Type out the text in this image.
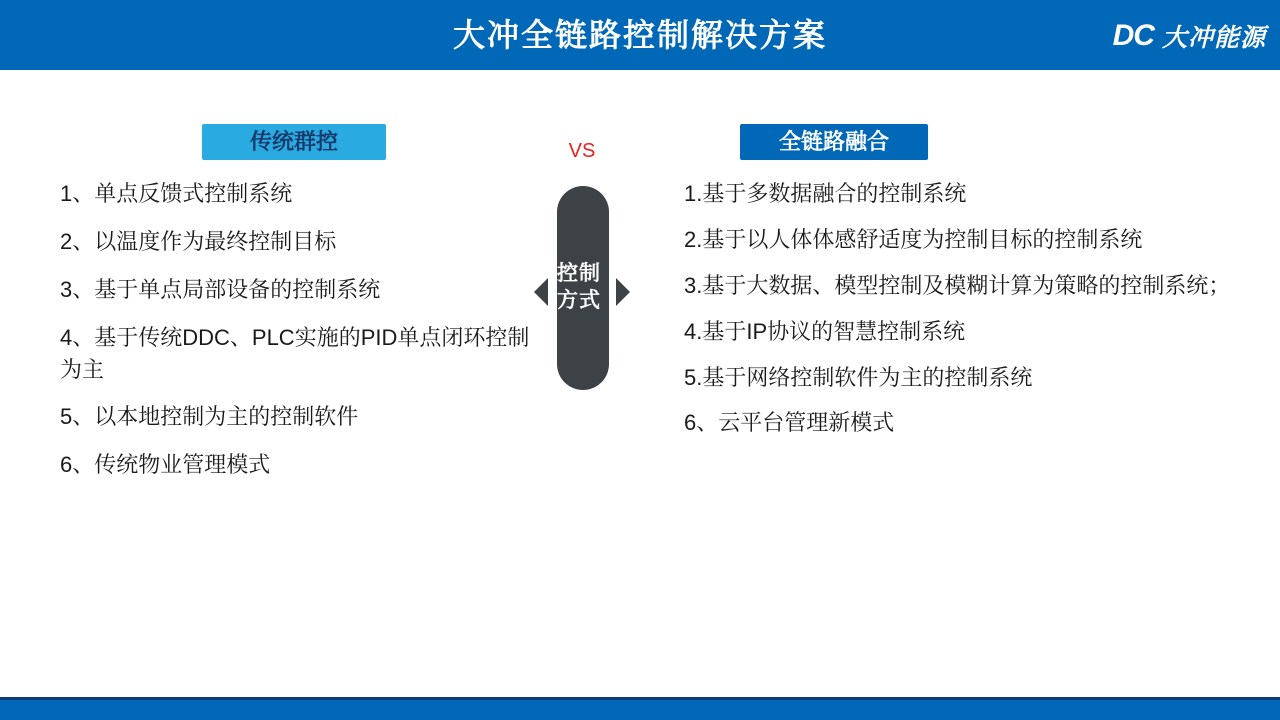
大冲全链路控制解决方案	DC 大冲能源
传统群控	全链路融合
VS
控制方式
1、单点反馈式控制系统
2、以温度作为最终控制目标
3、基于单点局部设备的控制系统
4、基于传统DDC、PLC实施的PID单点闭环控制为主
5、以本地控制为主的控制软件
6、传统物业管理模式
1.基于多数据融合的控制系统
2.基于以人体体感舒适度为控制目标的控制系统
3.基于大数据、模型控制及模糊计算为策略的控制系统；
4.基于IP协议的智慧控制系统
5.基于网络控制软件为主的控制系统
6、云平台管理新模式
